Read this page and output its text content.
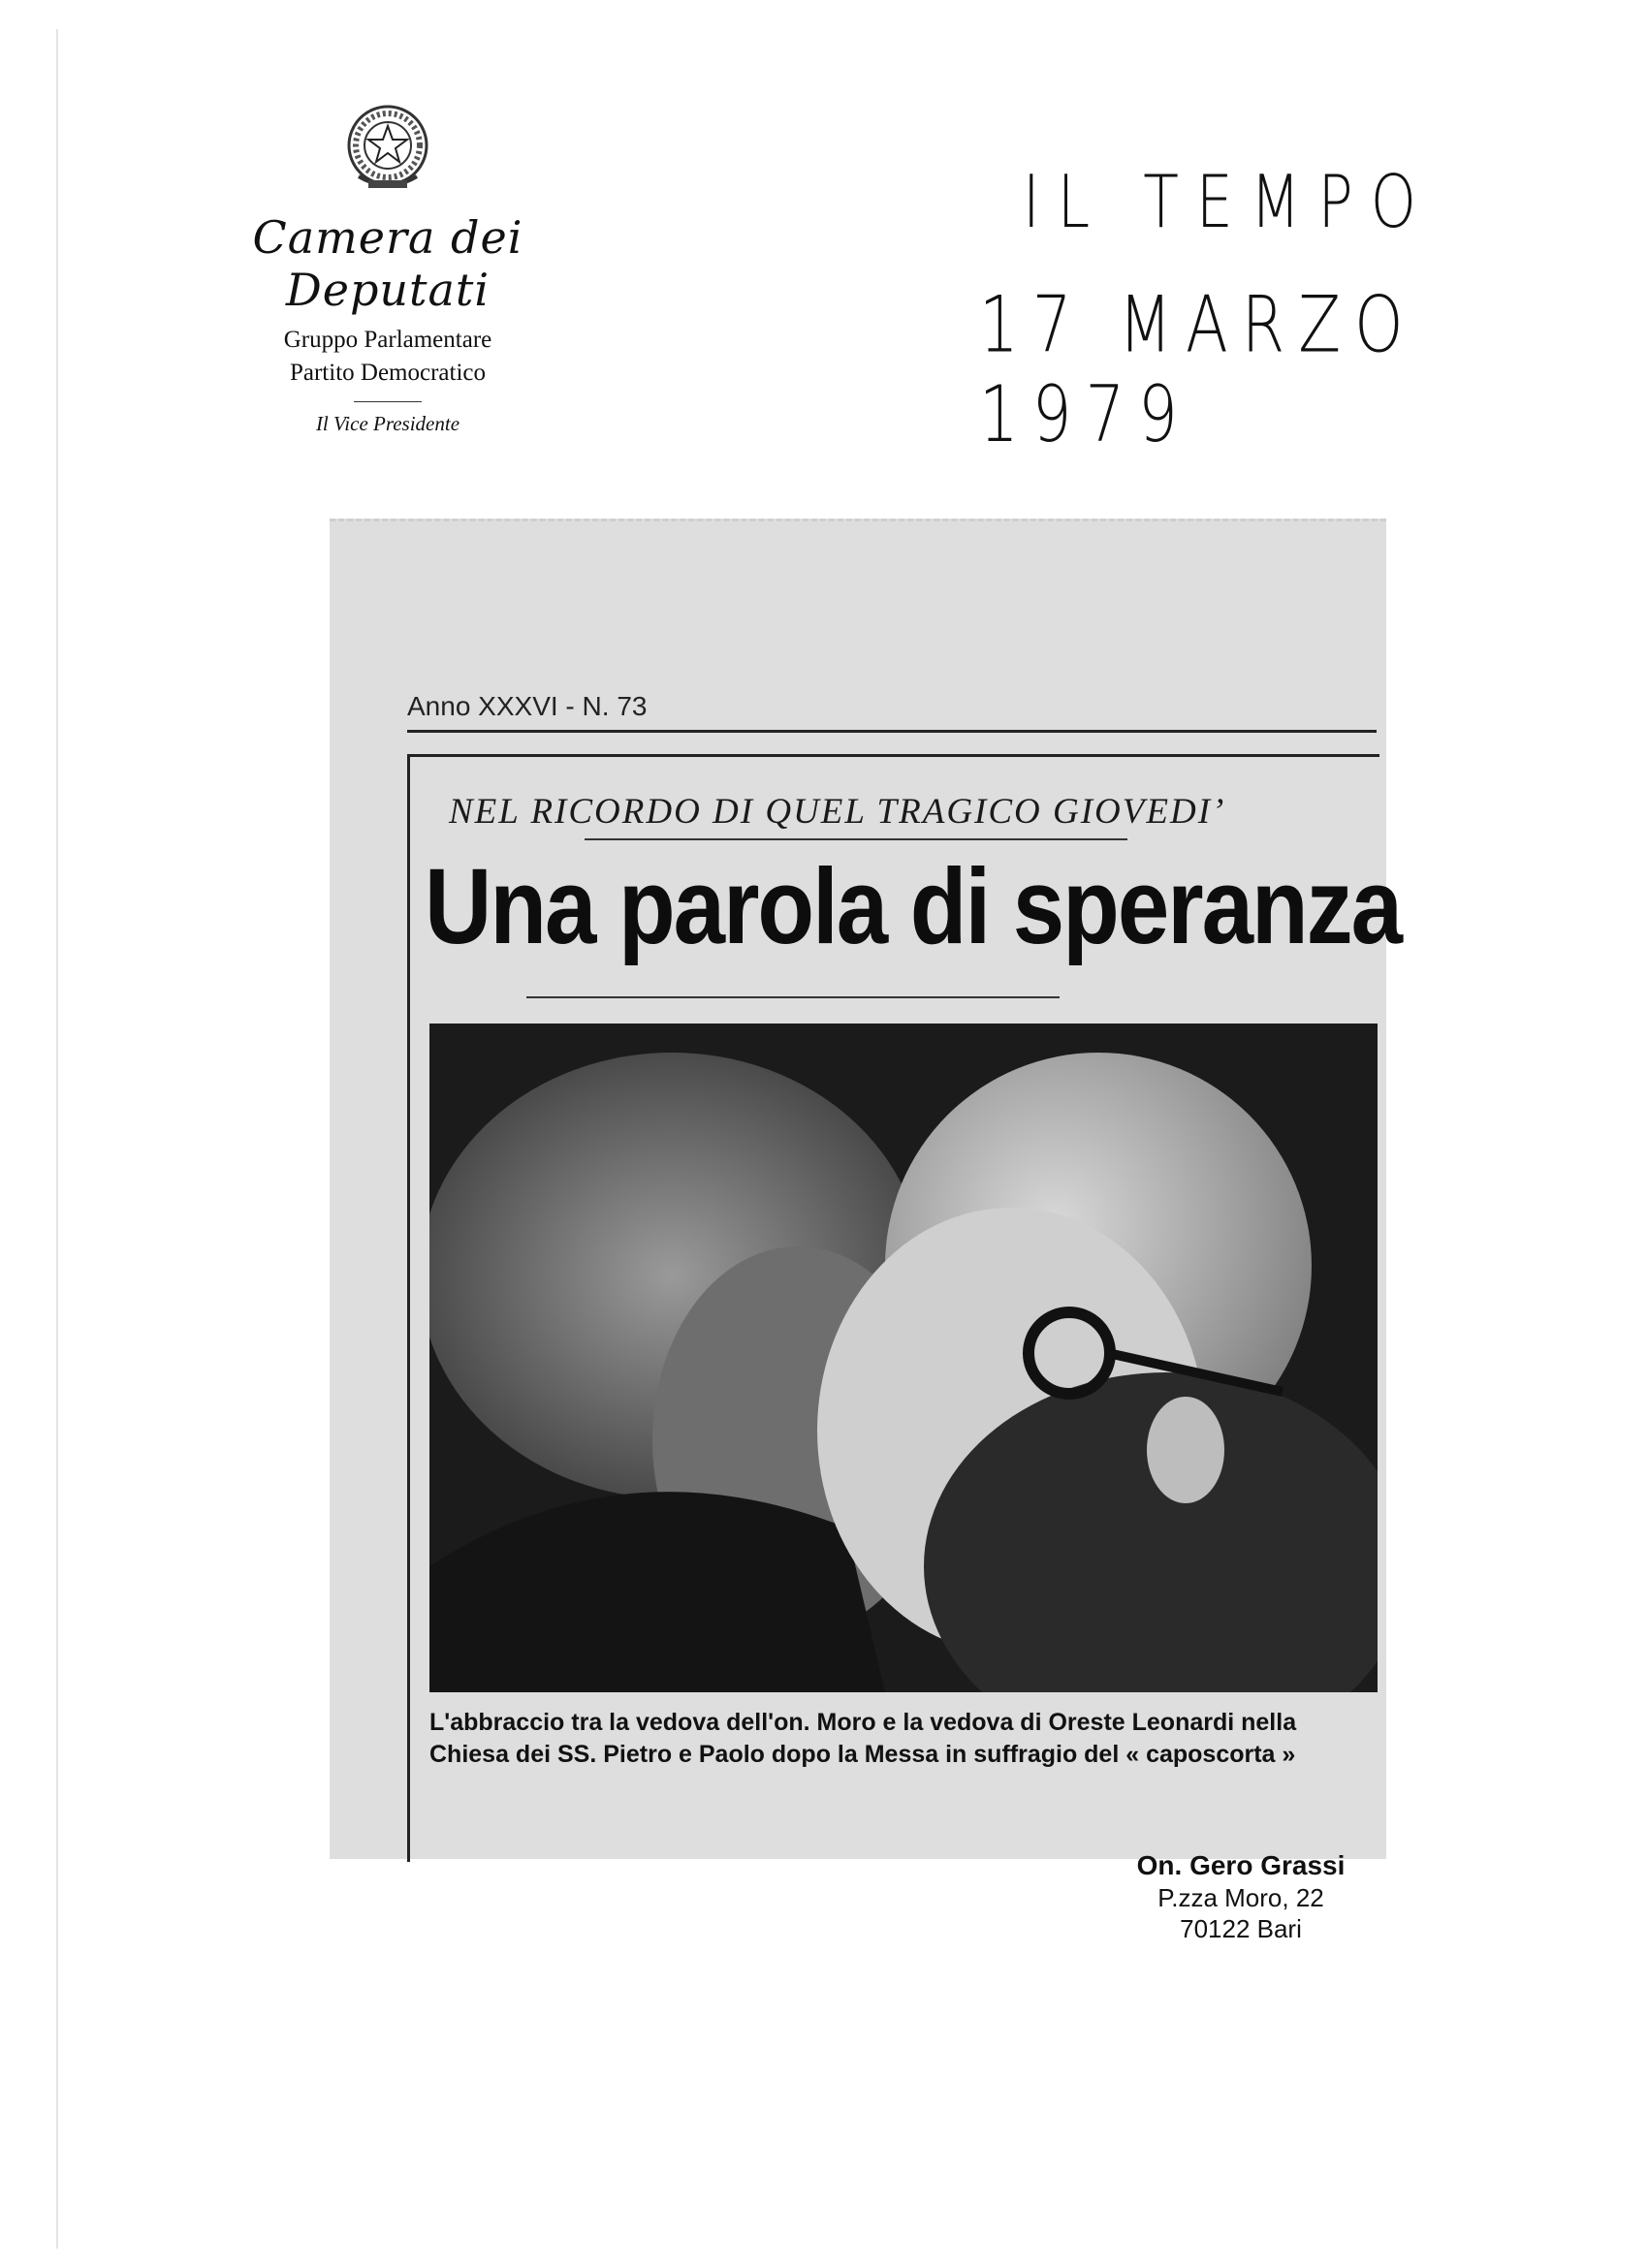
Camera dei Deputati
Gruppo Parlamentare
Partito Democratico
Il Vice Presidente
IL TEMPO
17 MARZO 1979
Anno XXXVI - N. 73
NEL RICORDO DI QUEL TRAGICO GIOVEDI’
Una parola di speranza
L'abbraccio tra la vedova dell'on. Moro e la vedova di Oreste Leonardi nella
Chiesa dei SS. Pietro e Paolo dopo la Messa in suffragio del « caposcorta »
On. Gero Grassi
P.zza Moro, 22
70122 Bari
